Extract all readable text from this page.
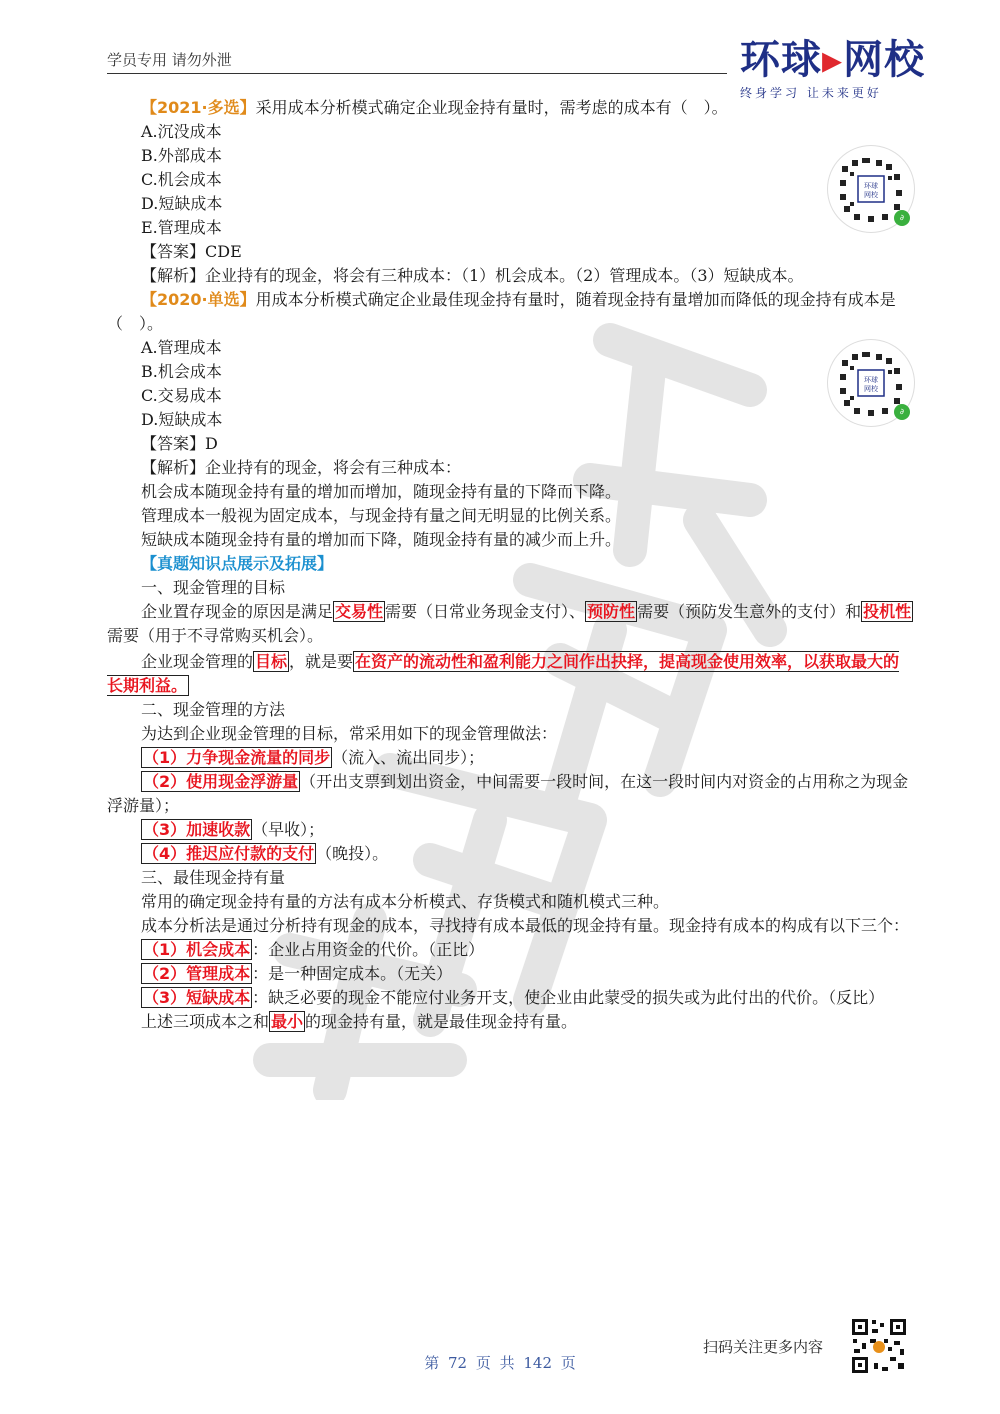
学员专用 请勿外泄	环球▸网校
终身学习 让未来更好
环球
网校
∂
环球
网校
∂

【2021·多选】采用成本分析模式确定企业现金持有量时，需考虑的成本有（　）。

A.沉没成本

B.外部成本

C.机会成本

D.短缺成本

E.管理成本

【答案】CDE

【解析】企业持有的现金，将会有三种成本：（1）机会成本。（2）管理成本。（3）短缺成本。

【2020·单选】用成本分析模式确定企业最佳现金持有量时，随着现金持有量增加而降低的现金持有成本是（　）。

A.管理成本

B.机会成本

C.交易成本

D.短缺成本

【答案】D

【解析】企业持有的现金，将会有三种成本：

机会成本随现金持有量的增加而增加，随现金持有量的下降而下降。

管理成本一般视为固定成本，与现金持有量之间无明显的比例关系。

短缺成本随现金持有量的增加而下降，随现金持有量的减少而上升。

【真题知识点展示及拓展】

一、现金管理的目标

企业置存现金的原因是满足 交易性 需要（日常业务现金支付）、 预防性 需要（预防发生意外的支付）和 投机性需要（用于不寻常购买机会）。

企业现金管理的 目标 ，就是要 在资产的流动性和盈利能力之间作出抉择，提高现金使用效率，以获取最大的长期利益。

二、现金管理的方法

为达到企业现金管理的目标，常采用如下的现金管理做法：

（1）力争现金流量的同步 （流入、流出同步）；

（2）使用现金浮游量 （开出支票到划出资金，中间需要一段时间，在这一段时间内对资金的占用称之为现金浮游量）；

（3）加速收款 （早收）；

（4）推迟应付款的支付 （晚投）。

三、最佳现金持有量

常用的确定现金持有量的方法有成本分析模式、存货模式和随机模式三种。

成本分析法是通过分析持有现金的成本，寻找持有成本最低的现金持有量。现金持有成本的构成有以下三个：

（1）机会成本 ：企业占用资金的代价。（正比）

（2）管理成本 ：是一种固定成本。（无关）

（3）短缺成本 ：缺乏必要的现金不能应付业务开支，使企业由此蒙受的损失或为此付出的代价。（反比）

上述三项成本之和 最小 的现金持有量，就是最佳现金持有量。

扫码关注更多内容
第 72 页 共 142 页
